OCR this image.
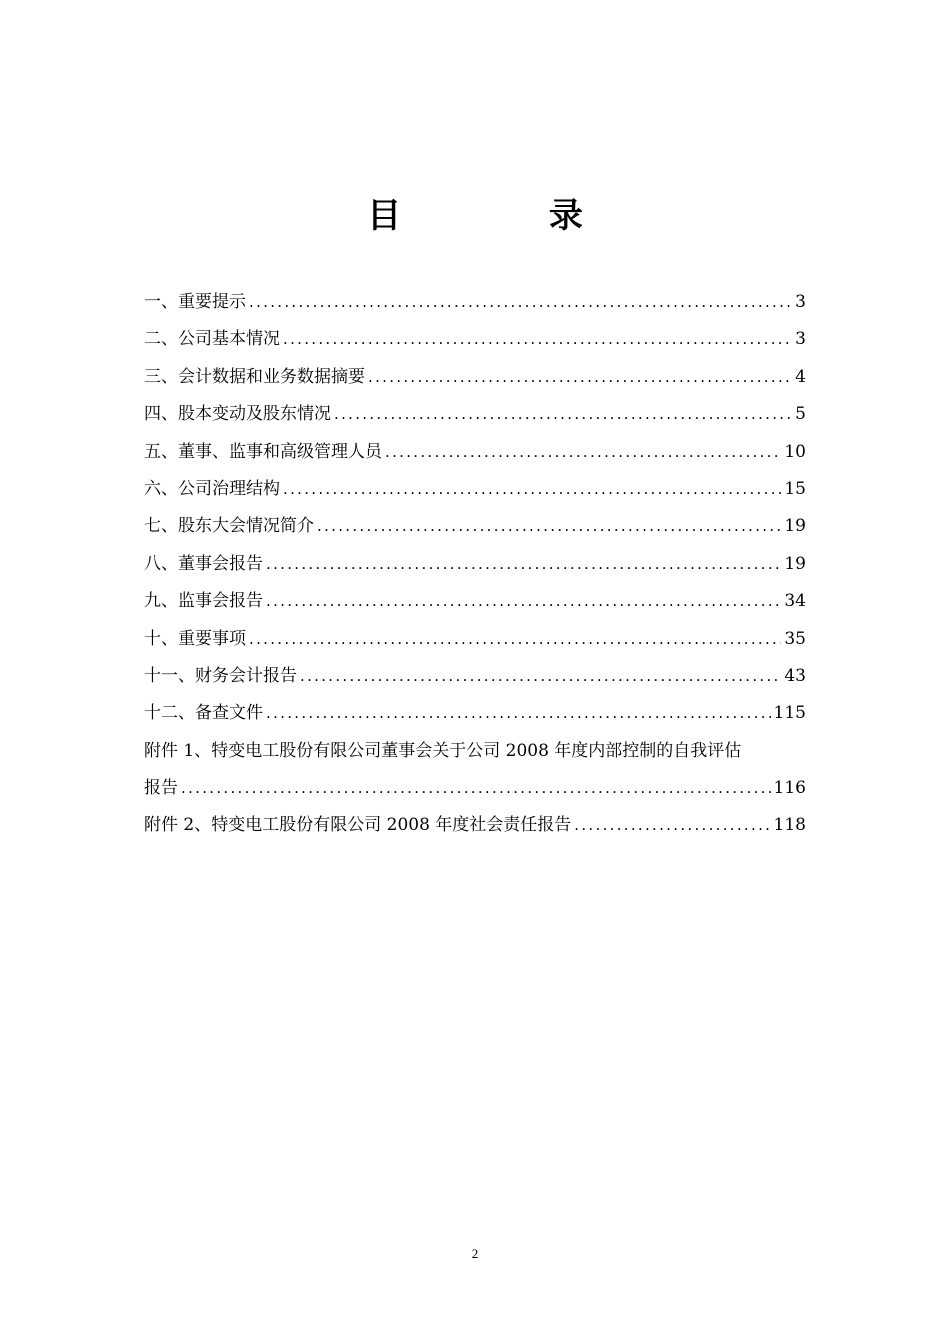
目 录
一、重要提示 .....	3
二、公司基本情况 .....	3
三、会计数据和业务数据摘要 .....	4
四、股本变动及股东情况 .....	5
五、董事、监事和高级管理人员 .....	10
六、公司治理结构 .....	15
七、股东大会情况简介 .....	19
八、董事会报告 .....	19
九、监事会报告 .....	34
十、重要事项 .....	35
十一、财务会计报告 .....	43
十二、备查文件 .....	115
附件 1、特变电工股份有限公司董事会关于公司 2008 年度内部控制的自我评估
报告 .....	116
附件 2、特变电工股份有限公司 2008 年度社会责任报告 .....	118
2
